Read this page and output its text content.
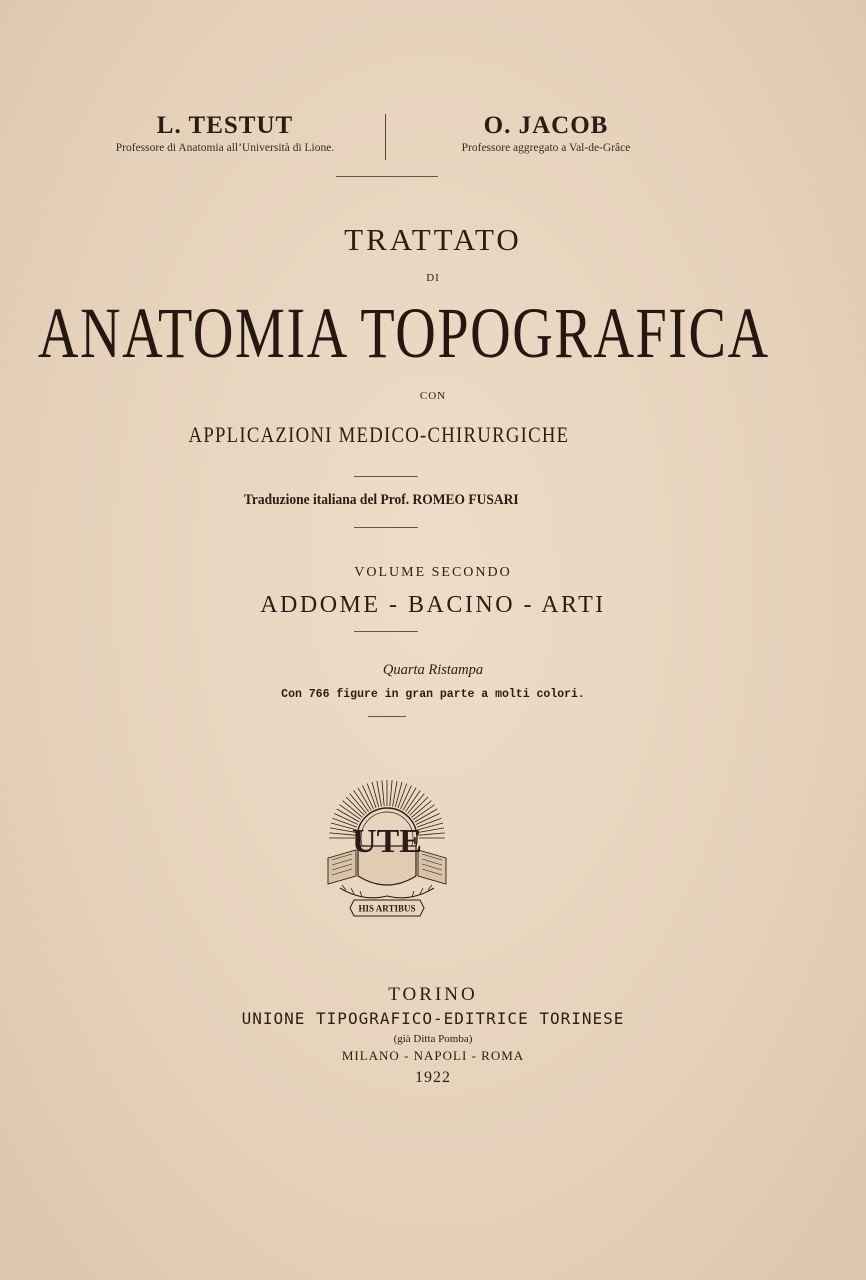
L. TESTUT
Professore di Anatomia all’Università di Lione.
O. JACOB
Professore aggregato a Val-de-Grâce
TRATTATO
DI
ANATOMIA TOPOGRAFICA
CON
APPLICAZIONI MEDICO-CHIRURGICHE
Traduzione italiana del Prof. ROMEO FUSARI
VOLUME SECONDO
ADDOME - BACINO - ARTI
Quarta Ristampa
Con 766 figure in gran parte a molti colori.
UTE
HIS ARTIBUS
TORINO
UNIONE TIPOGRAFICO-EDITRICE TORINESE
(già Ditta Pomba)
MILANO - NAPOLI - ROMA
1922
